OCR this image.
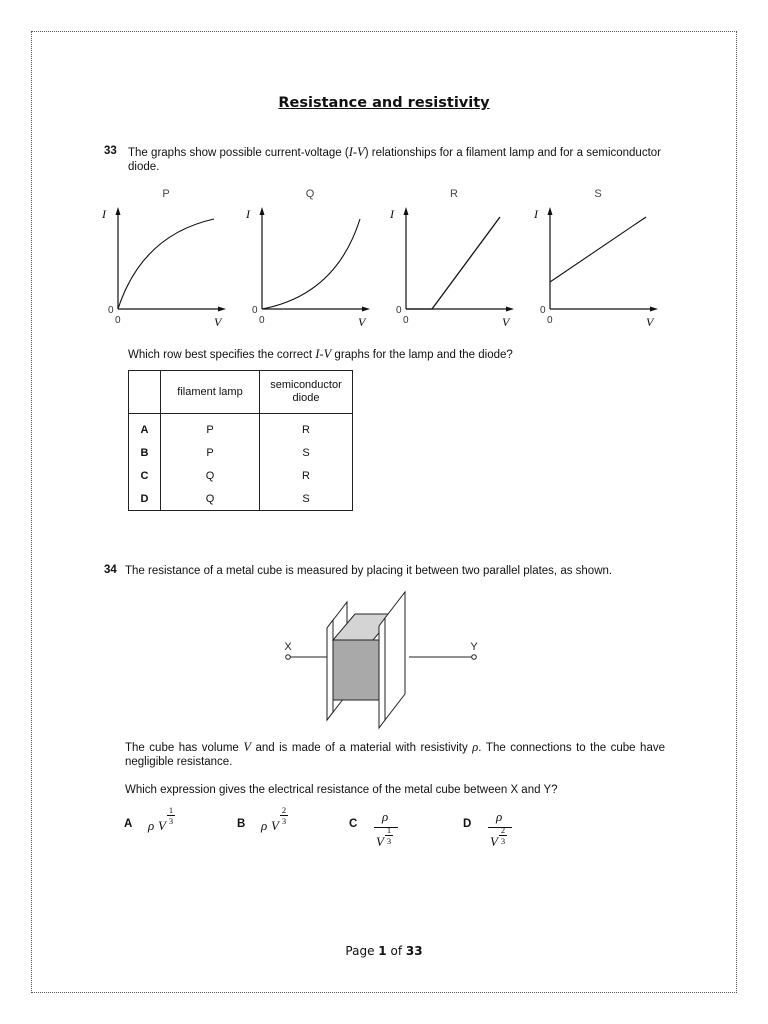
Resistance and resistivity
33 The graphs show possible current-voltage (I-V) relationships for a filament lamp and for a semiconductor diode.
P
I
0
0	V
Q
I
0
0	V
R
I
0
0	V
S
I
0
0	V
Which row best specifies the correct I-V graphs for the lamp and the diode?
	filament lamp	semiconductor diode
A	P	R
B	P	S
C	Q	R
D	Q	S
34 The resistance of a metal cube is measured by placing it between two parallel plates, as shown.
X	Y
The cube has volume V and is made of a material with resistivity ρ. The connections to the cube have negligible resistance.
Which expression gives the electrical resistance of the metal cube between X and Y?
A ρ V
1

3	B ρ V
2

3	C ρ
V
1

3
D ρ
V
2

3
Page 1 of 33
